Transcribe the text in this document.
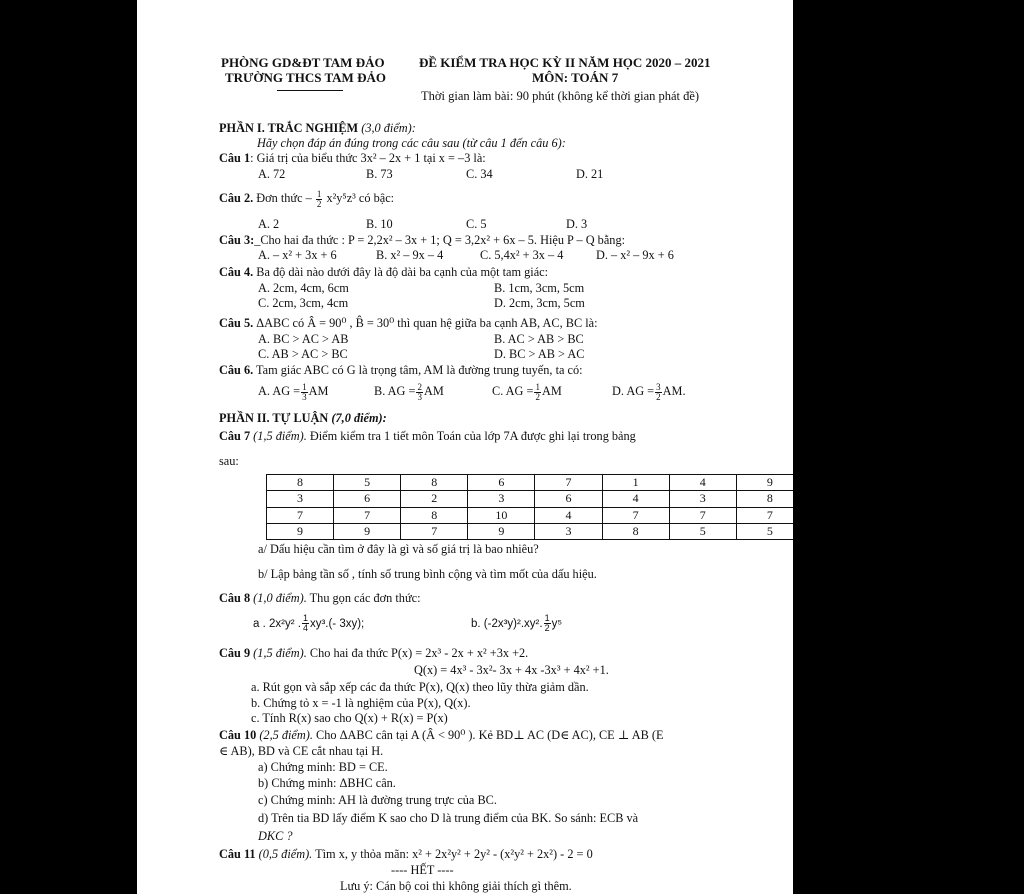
PHÒNG GD&ĐT TAM ĐẢO
TRƯỜNG THCS TAM ĐẢO
ĐỀ KIỂM TRA HỌC KỲ II NĂM HỌC 2020 – 2021
MÔN: TOÁN 7
Thời gian làm bài: 90 phút (không kể thời gian phát đề)
PHẦN I. TRẮC NGHIỆM (3,0 điểm):
Hãy chọn đáp án đúng trong các câu sau (từ câu 1 đến câu 6):
Câu 1: Giá trị của biểu thức 3x² – 2x + 1 tại x = –3 là:
A. 72	B. 73	C. 34	D. 21
Câu 2. Đơn thức – $\frac{1}{2} x^2y^5z^3$ có bậc:
A. 2	B. 10	C. 5	D. 3
Câu 3:_Cho hai đa thức : P = 2,2x² – 3x + 1; Q = 3,2x² + 6x – 5. Hiệu P – Q bằng:
A. – x² + 3x + 6	B. x² – 9x – 4	C. 5,4x² + 3x – 4	D. – x² – 9x + 6
Câu 4. Ba độ dài nào dưới đây là độ dài ba cạnh của một tam giác:
A. 2cm, 4cm, 6cm	B. 1cm, 3cm, 5cm
C. 2cm, 3cm, 4cm	D. 2cm, 3cm, 5cm
Câu 5. ΔABC có Â = 90⁰ , B̂ = 30⁰ thì quan hệ giữa ba cạnh AB, AC, BC là:
A. BC > AC > AB	B. AC > AB > BC
C. AB > AC > BC	D. BC > AB > AC
Câu 6. Tam giác ABC có G là trọng tâm, AM là đường trung tuyến, ta có:
A. AG = $\frac{1}{3}$ AM	B. AG = $\frac{2}{3}$ AM	C. AG = $\frac{1}{2}$ AM	D. AG = $\frac{3}{2}$ AM.
PHẦN II. TỰ LUẬN (7,0 điểm):
Câu 7 (1,5 điểm). Điểm kiểm tra 1 tiết môn Toán của lớp 7A được ghi lại trong bảng
sau:
8	5	8	6	7	1	4	9	
3	6	2	3	6	4	3	8	
7	7	8	10	4	7	7	7	
9	9	7	9	3	8	5	5	
a/ Dấu hiệu cần tìm ở đây là gì và số giá trị là bao nhiêu?
b/ Lập bảng tần số , tính số trung bình cộng và tìm mốt của dấu hiệu.
Câu 8 (1,0 điểm). Thu gọn các đơn thức:
a . 2x²y² . $\frac{1}{4} xy^3.(-$ 3xy);	b. (-2x³y)².xy². $\frac{1}{2} y^5$
Câu 9 (1,5 điểm). Cho hai đa thức P(x) = 2x³ - 2x + x² +3x +2.
Q(x) = 4x³ - 3x²- 3x + 4x -3x³ + 4x² +1.
a. Rút gọn và sắp xếp các đa thức P(x), Q(x) theo lũy thừa giảm dần.
b. Chứng tỏ x = -1 là nghiệm của P(x), Q(x).
c. Tính R(x) sao cho Q(x) + R(x) = P(x)
Câu 10 (2,5 điểm). Cho ΔABC cân tại A (Â < 90⁰ ). Kẻ BD⊥ AC (D∈ AC), CE ⊥ AB (E
∈ AB), BD và CE cắt nhau tại H.
a) Chứng minh: BD = CE.
b) Chứng minh: ΔBHC cân.
c) Chứng minh: AH là đường trung trực của BC.
d) Trên tia BD lấy điểm K sao cho D là trung điểm của BK. So sánh: ECB và
DKC ?
Câu 11 (0,5 điểm). Tìm x, y thỏa mãn: x² + 2x²y² + 2y² - (x²y² + 2x²) - 2 = 0
---- HẾT ----
Lưu ý: Cán bộ coi thi không giải thích gì thêm.
